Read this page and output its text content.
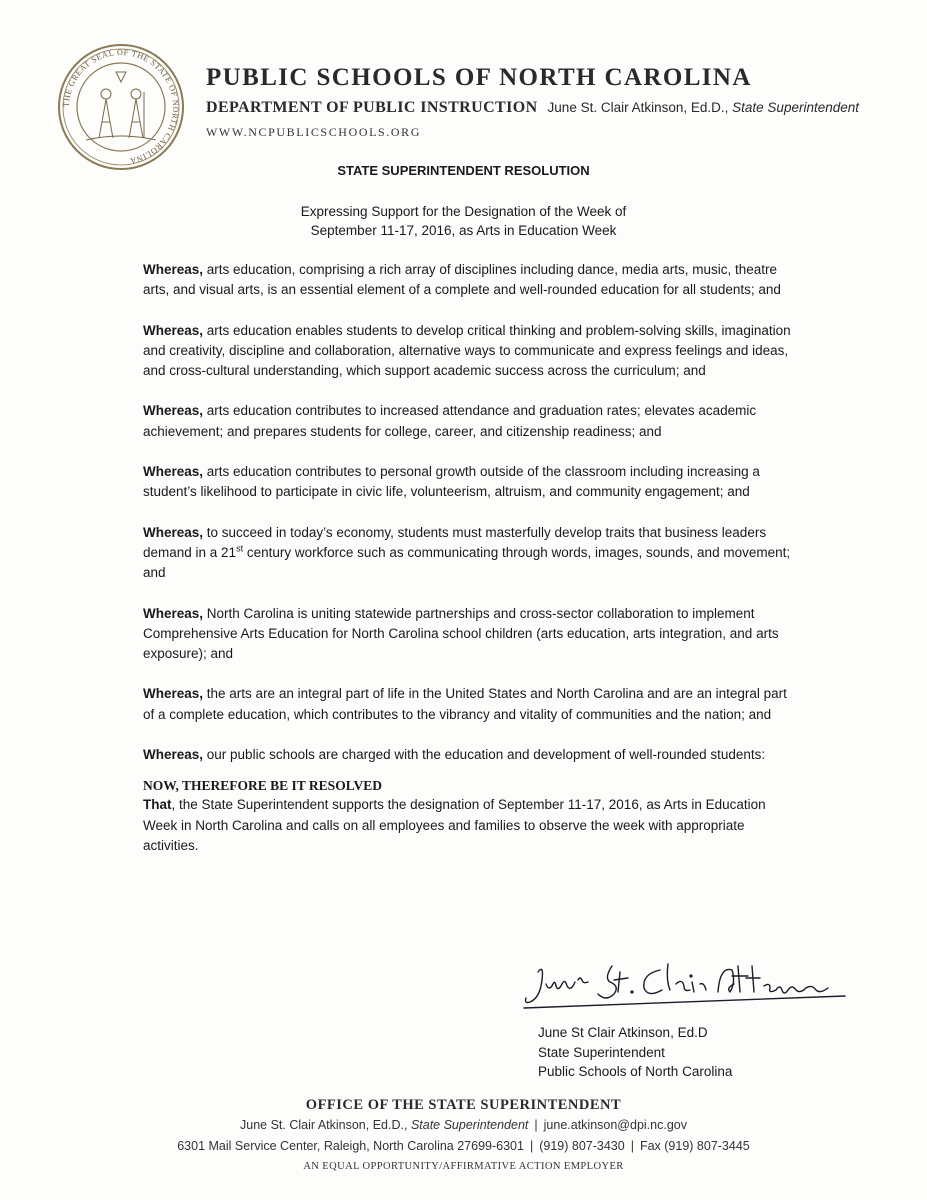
THE GREAT SEAL OF THE STATE OF NORTH CAROLINA
PUBLIC SCHOOLS OF NORTH CAROLINA
DEPARTMENT OF PUBLIC INSTRUCTION June St. Clair Atkinson, Ed.D., State Superintendent
WWW.NCPUBLICSCHOOLS.ORG
STATE SUPERINTENDENT RESOLUTION
Expressing Support for the Designation of the Week of
September 11-17, 2016, as Arts in Education Week

Whereas, arts education, comprising a rich array of disciplines including dance, media arts, music, theatre arts, and visual arts, is an essential element of a complete and well-rounded education for all students; and

Whereas, arts education enables students to develop critical thinking and problem-solving skills, imagination and creativity, discipline and collaboration, alternative ways to communicate and express feelings and ideas, and cross-cultural understanding, which support academic success across the curriculum; and

Whereas, arts education contributes to increased attendance and graduation rates; elevates academic achievement; and prepares students for college, career, and citizenship readiness; and

Whereas, arts education contributes to personal growth outside of the classroom including increasing a student’s likelihood to participate in civic life, volunteerism, altruism, and community engagement; and

Whereas, to succeed in today’s economy, students must masterfully develop traits that business leaders demand in a 21st century workforce such as communicating through words, images, sounds, and movement; and

Whereas, North Carolina is uniting statewide partnerships and cross-sector collaboration to implement Comprehensive Arts Education for North Carolina school children (arts education, arts integration, and arts exposure); and

Whereas, the arts are an integral part of life in the United States and North Carolina and are an integral part of a complete education, which contributes to the vibrancy and vitality of communities and the nation; and

Whereas, our public schools are charged with the education and development of well-rounded students:

NOW, THEREFORE BE IT RESOLVED

That, the State Superintendent supports the designation of September 11-17, 2016, as Arts in Education Week in North Carolina and calls on all employees and families to observe the week with appropriate activities.

June St Clair Atkinson, Ed.D
State Superintendent
Public Schools of North Carolina
OFFICE OF THE STATE SUPERINTENDENT
June St. Clair Atkinson, Ed.D., State Superintendent | june.atkinson@dpi.nc.gov
6301 Mail Service Center, Raleigh, North Carolina 27699-6301 | (919) 807-3430 | Fax (919) 807-3445
AN EQUAL OPPORTUNITY/AFFIRMATIVE ACTION EMPLOYER
